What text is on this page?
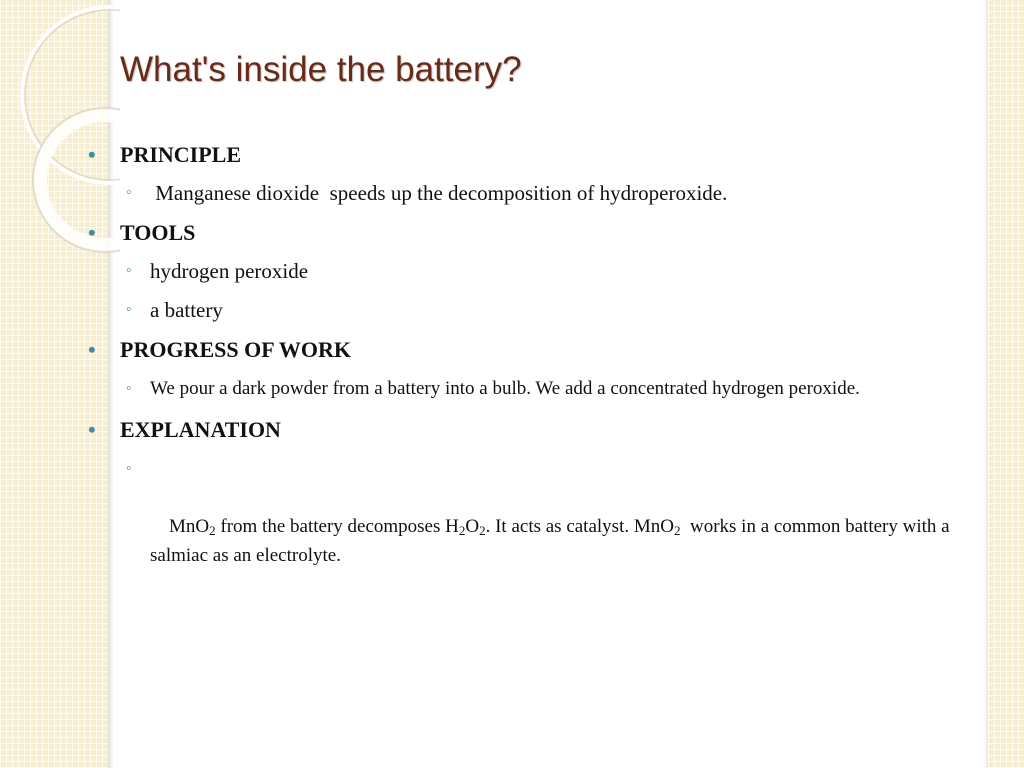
What's inside the battery?
• PRINCIPLE
◦ Manganese dioxide  speeds up the decomposition of hydroperoxide.
• TOOLS
◦ hydrogen peroxide
◦ a battery
• PROGRESS OF WORK
◦ We pour a dark powder from a battery into a bulb. We add a concentrated hydrogen peroxide.
• EXPLANATION

◦

MnO$_2$ from the battery decomposes $H_2O_2$. It acts as catalyst. MnO$_2$  works in a common battery with a salmiac as an electrolyte.
